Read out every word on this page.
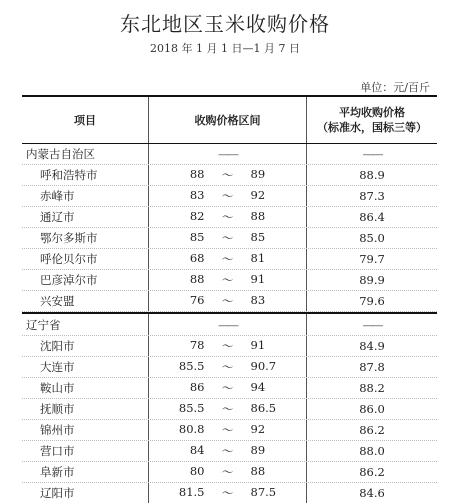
东北地区玉米收购价格
2018 年 1 月 1 日—1 月 7 日
单位：元/百斤
项目	收购价格区间
平均收购价格
（标准水，国标三等）
内蒙古自治区	——	——
呼和浩特市	88	～	89	88.9
赤峰市	83	～	92	87.3
通辽市	82	～	88	86.4
鄂尔多斯市	85	～	85	85.0
呼伦贝尔市	68	～	81	79.7
巴彦淖尔市	88	～	91	89.9
兴安盟	76	～	83	79.6
辽宁省	——	——
沈阳市	78	～	91	84.9
大连市	85.5	～	90.7	87.8
鞍山市	86	～	94	88.2
抚顺市	85.5	～	86.5	86.0
锦州市	80.8	～	92	86.2
营口市	84	～	89	88.0
阜新市	80	～	88	86.2
辽阳市	81.5	～	87.5	84.6
